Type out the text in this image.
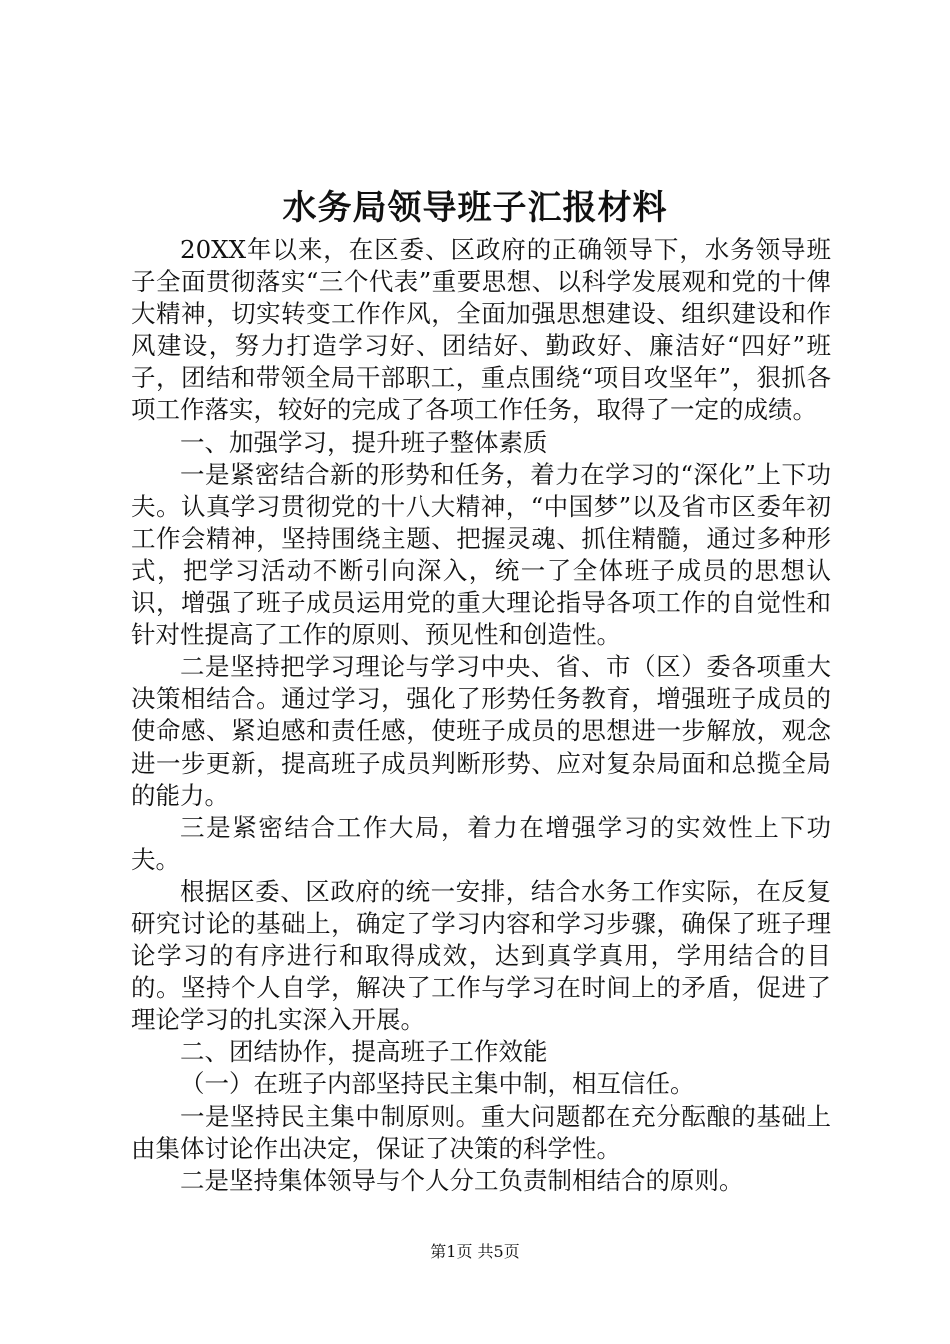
水务局领导班子汇报材料

20XX年以来，在区委、区政府的正确领导下，水务领导班子全面贯彻落实“三个代表”重要思想、以科学发展观和党的十俾大精神，切实转变工作作风，全面加强思想建设、组织建设和作风建设，努力打造学习好、团结好、勤政好、廉洁好“四好”班子，团结和带领全局干部职工，重点围绕“项目攻坚年”，狠抓各项工作落实，较好的完成了各项工作任务，取得了一定的成绩。

一、加强学习，提升班子整体素质

一是紧密结合新的形势和任务，着力在学习的“深化”上下功夫。认真学习贯彻党的十八大精神，“中国梦”以及省市区委年初工作会精神，坚持围绕主题、把握灵魂、抓住精髓，通过多种形式，把学习活动不断引向深入，统一了全体班子成员的思想认识，增强了班子成员运用党的重大理论指导各项工作的自觉性和针对性提高了工作的原则、预见性和创造性。

二是坚持把学习理论与学习中央、省、市（区）委各项重大决策相结合。通过学习，强化了形势任务教育，增强班子成员的使命感、紧迫感和责任感，使班子成员的思想进一步解放，观念进一步更新，提高班子成员判断形势、应对复杂局面和总揽全局的能力。

三是紧密结合工作大局，着力在增强学习的实效性上下功夫。

根据区委、区政府的统一安排，结合水务工作实际，在反复研究讨论的基础上，确定了学习内容和学习步骤，确保了班子理论学习的有序进行和取得成效，达到真学真用，学用结合的目的。坚持个人自学，解决了工作与学习在时间上的矛盾，促进了理论学习的扎实深入开展。

二、团结协作，提高班子工作效能

（一）在班子内部坚持民主集中制，相互信任。

一是坚持民主集中制原则。重大问题都在充分酝酿的基础上由集体讨论作出决定，保证了决策的科学性。

二是坚持集体领导与个人分工负责制相结合的原则。

第1页 共5页
